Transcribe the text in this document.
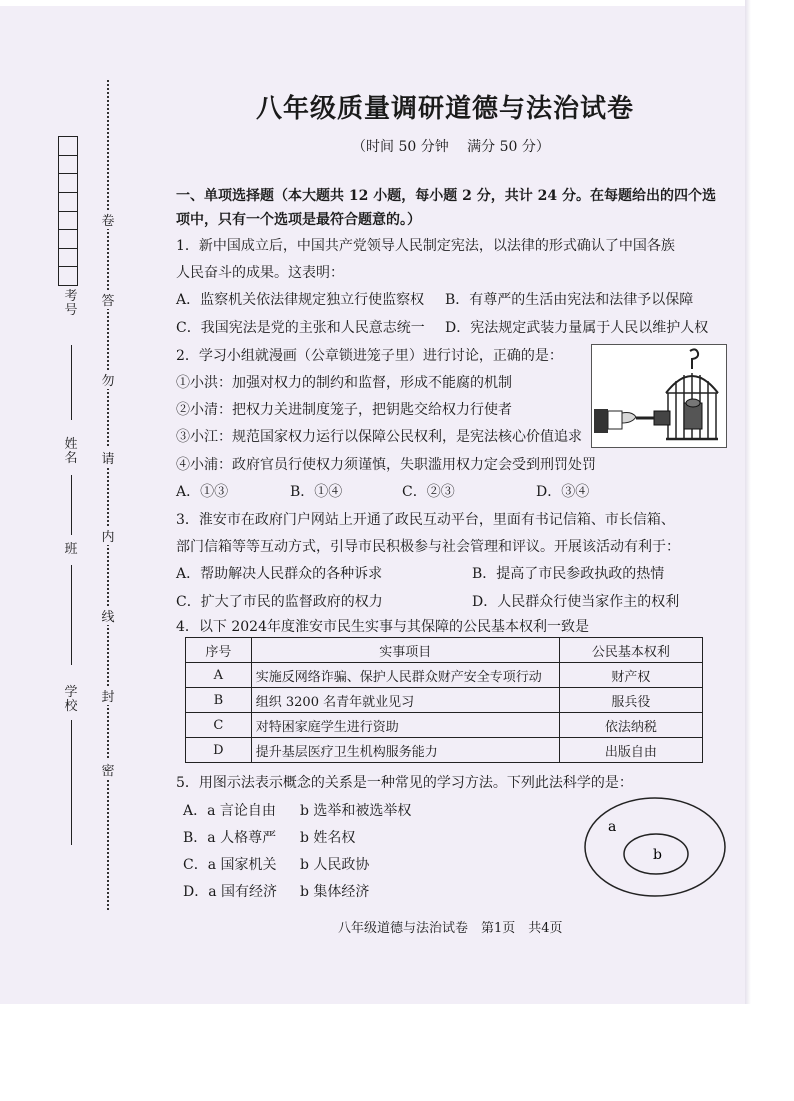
卷
答
勿
请
内
线
封
密
考号
姓名
班
学校
八年级质量调研道德与法治试卷
（时间 50 分钟　 满分 50 分）
一、单项选择题（本大题共 12 小题，每小题 2 分，共计 24 分。在每题给出的四个选
项中，只有一个选项是最符合题意的。）
1．新中国成立后，中国共产党领导人民制定宪法，以法律的形式确认了中国各族
人民奋斗的成果。这表明：
A．监察机关依法律规定独立行使监察权 B．有尊严的生活由宪法和法律予以保障
C．我国宪法是党的主张和人民意志统一 D．宪法规定武装力量属于人民以维护人权
2．学习小组就漫画（公章锁进笼子里）进行讨论，正确的是：
①小洪：加强对权力的制约和监督，形成不能腐的机制
②小清：把权力关进制度笼子，把钥匙交给权力行使者
③小江：规范国家权力运行以保障公民权利，是宪法核心价值追求
④小浦：政府官员行使权力须谨慎，失职滥用权力定会受到刑罚处罚
A．①③	B．①④	C．②③	D．③④
3．淮安市在政府门户网站上开通了政民互动平台，里面有书记信箱、市长信箱、
部门信箱等等互动方式，引导市民积极参与社会管理和评议。开展该活动有利于：
A．帮助解决人民群众的各种诉求	B．提高了市民参政执政的热情
C．扩大了市民的监督政府的权力	D．人民群众行使当家作主的权利
4．以下 2024年度淮安市民生实事与其保障的公民基本权利一致是
序号	实事项目	公民基本权利
A	实施反网络诈骗、保护人民群众财产安全专项行动	财产权
B	组织 3200 名青年就业见习	服兵役
C	对特困家庭学生进行资助	依法纳税
D	提升基层医疗卫生机构服务能力	出版自由
5．用图示法表示概念的关系是一种常见的学习方法。下列此法科学的是：
A．a 言论自由 b 选举和被选举权
B．a 人格尊严 b 姓名权
C．a 国家机关 b 人民政协
D．a 国有经济 b 集体经济
a
b
八年级道德与法治试卷　第1页　共4页
